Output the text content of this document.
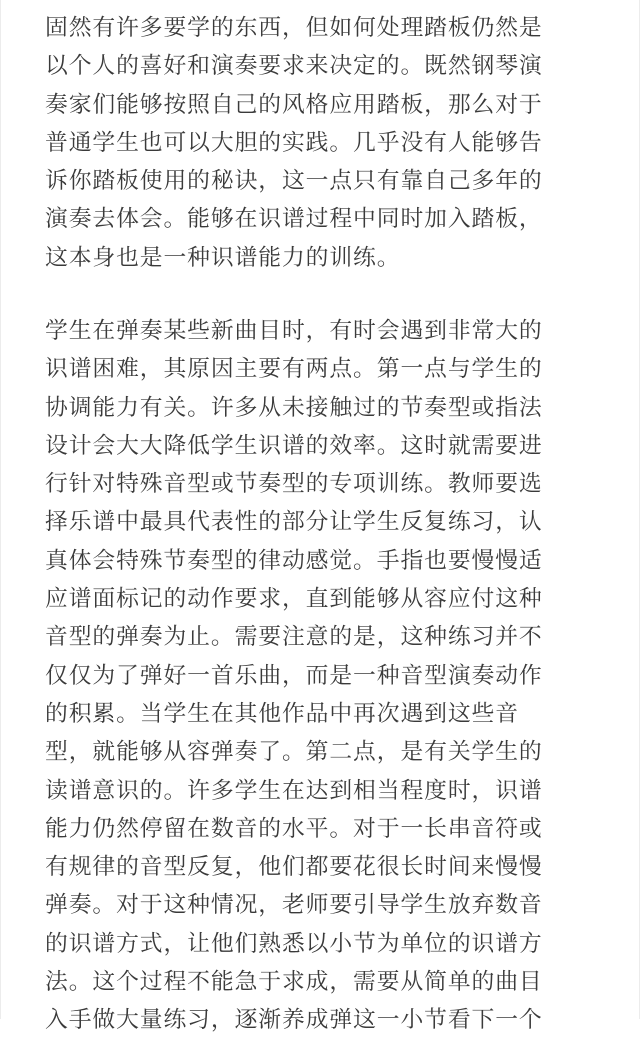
固然有许多要学的东西，但如何处理踏板仍然是
以个人的喜好和演奏要求来决定的。既然钢琴演
奏家们能够按照自己的风格应用踏板，那么对于
普通学生也可以大胆的实践。几乎没有人能够告
诉你踏板使用的秘诀，这一点只有靠自己多年的
演奏去体会。能够在识谱过程中同时加入踏板，
这本身也是一种识谱能力的训练。
学生在弹奏某些新曲目时，有时会遇到非常大的
识谱困难，其原因主要有两点。第一点与学生的
协调能力有关。许多从未接触过的节奏型或指法
设计会大大降低学生识谱的效率。这时就需要进
行针对特殊音型或节奏型的专项训练。教师要选
择乐谱中最具代表性的部分让学生反复练习，认
真体会特殊节奏型的律动感觉。手指也要慢慢适
应谱面标记的动作要求，直到能够从容应付这种
音型的弹奏为止。需要注意的是，这种练习并不
仅仅为了弹好一首乐曲，而是一种音型演奏动作
的积累。当学生在其他作品中再次遇到这些音
型，就能够从容弹奏了。第二点，是有关学生的
读谱意识的。许多学生在达到相当程度时，识谱
能力仍然停留在数音的水平。对于一长串音符或
有规律的音型反复，他们都要花很长时间来慢慢
弹奏。对于这种情况，老师要引导学生放弃数音
的识谱方式，让他们熟悉以小节为单位的识谱方
法。这个过程不能急于求成，需要从简单的曲目
入手做大量练习，逐渐养成弹这一小节看下一个
